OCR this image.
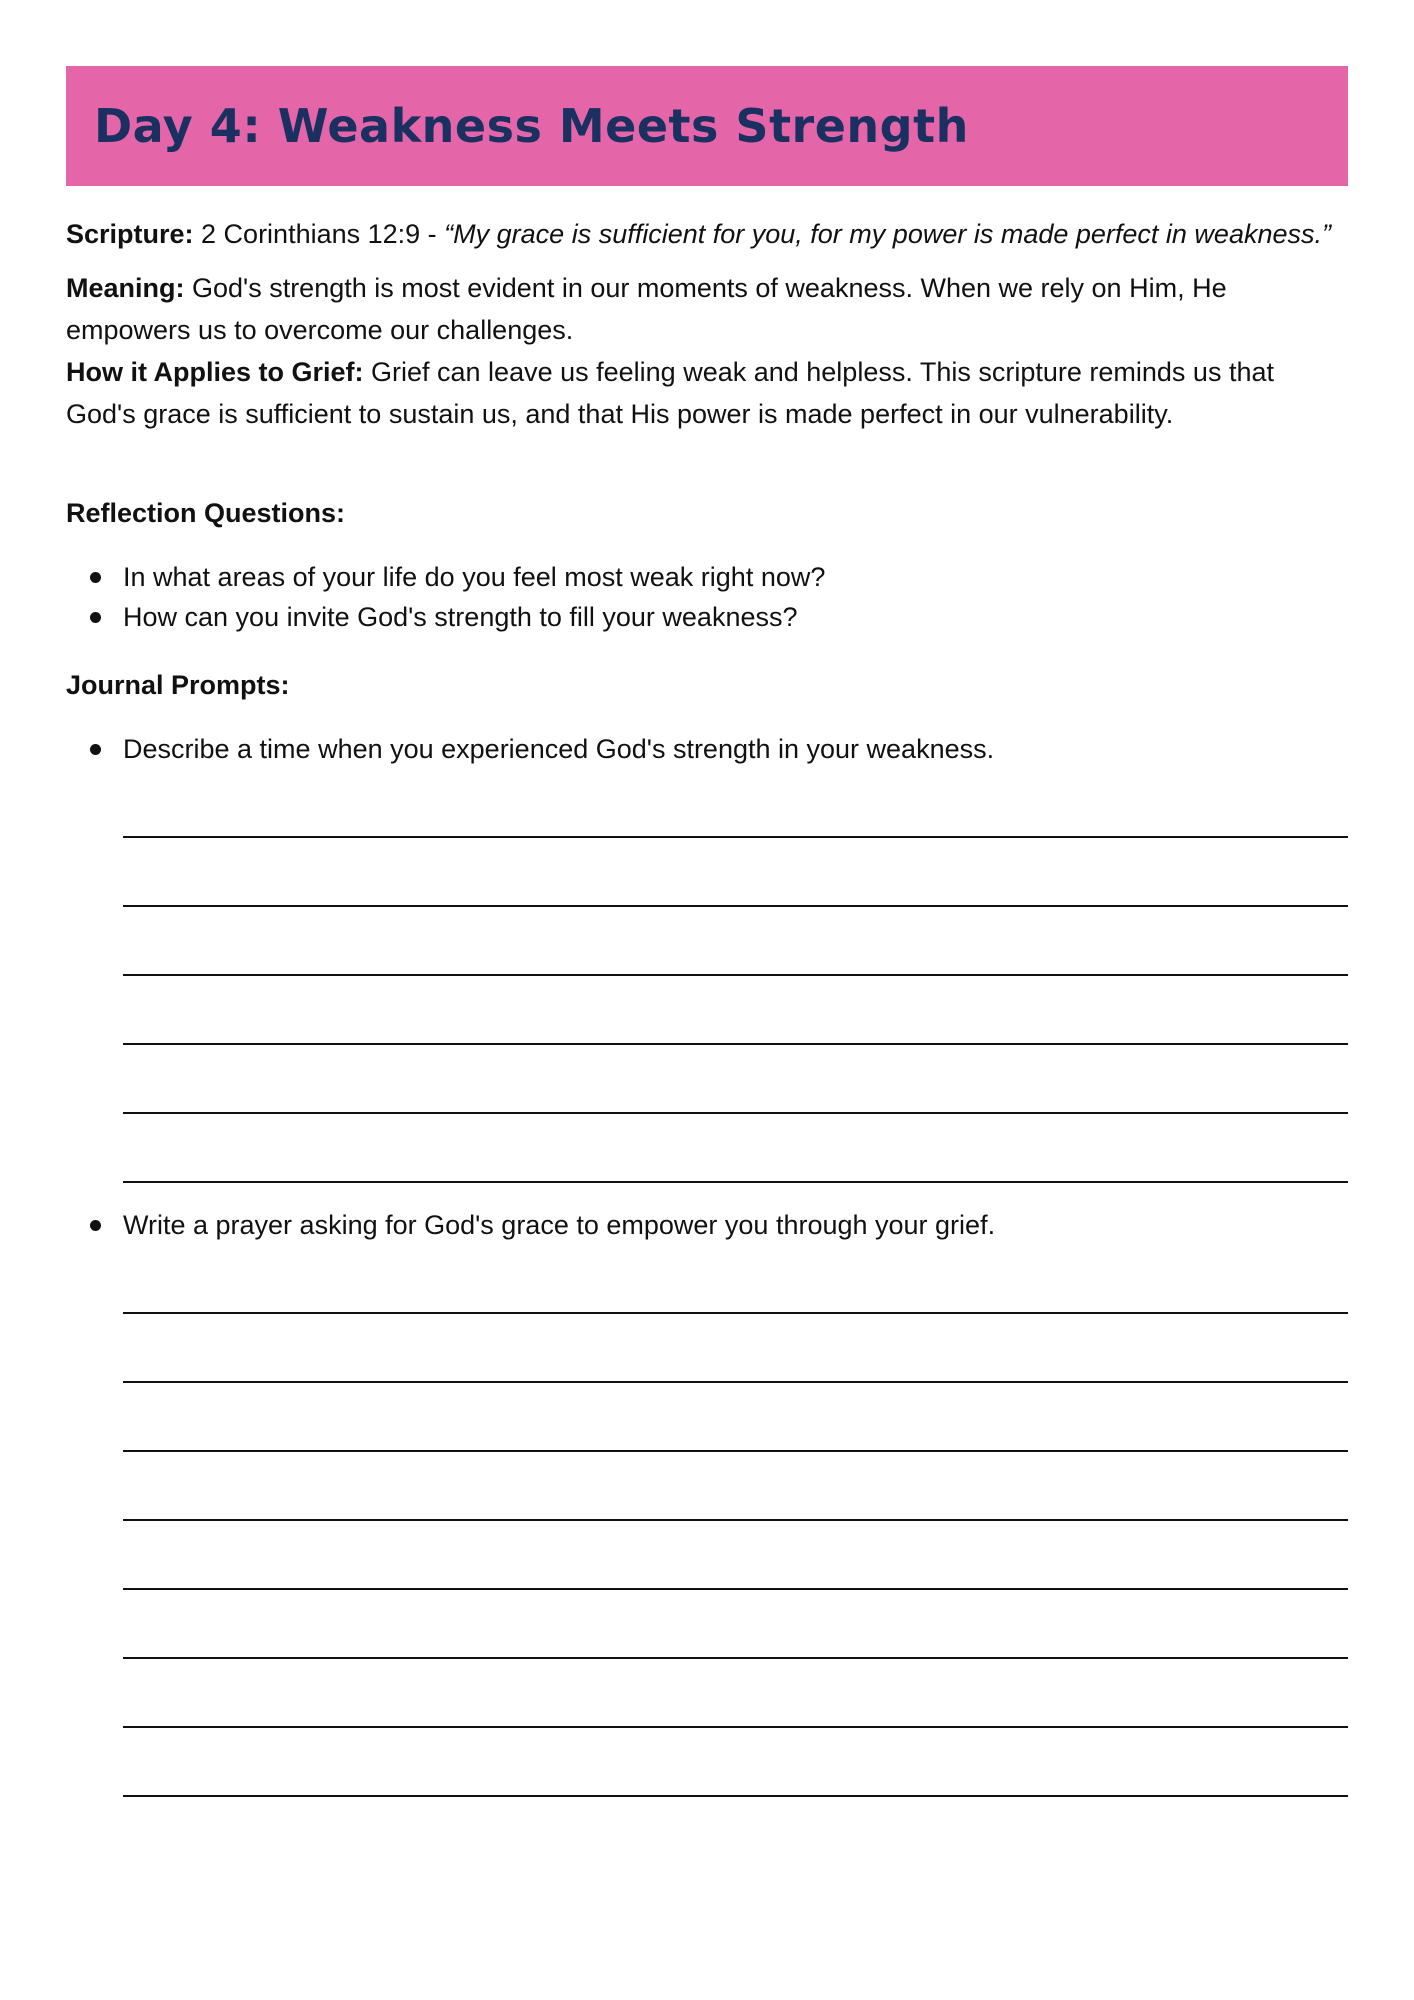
Day 4: Weakness Meets Strength

Scripture: 2 Corinthians 12:9 - “My grace is sufficient for you, for my power is made perfect in weakness.”

Meaning: God's strength is most evident in our moments of weakness. When we rely on Him, He empowers us to overcome our challenges.

How it Applies to Grief: Grief can leave us feeling weak and helpless. This scripture reminds us that God's grace is sufficient to sustain us, and that His power is made perfect in our vulnerability.

Reflection Questions:
In what areas of your life do you feel most weak right now?
How can you invite God's strength to fill your weakness?
Journal Prompts:
Describe a time when you experienced God's strength in your weakness.
Write a prayer asking for God's grace to empower you through your grief.
